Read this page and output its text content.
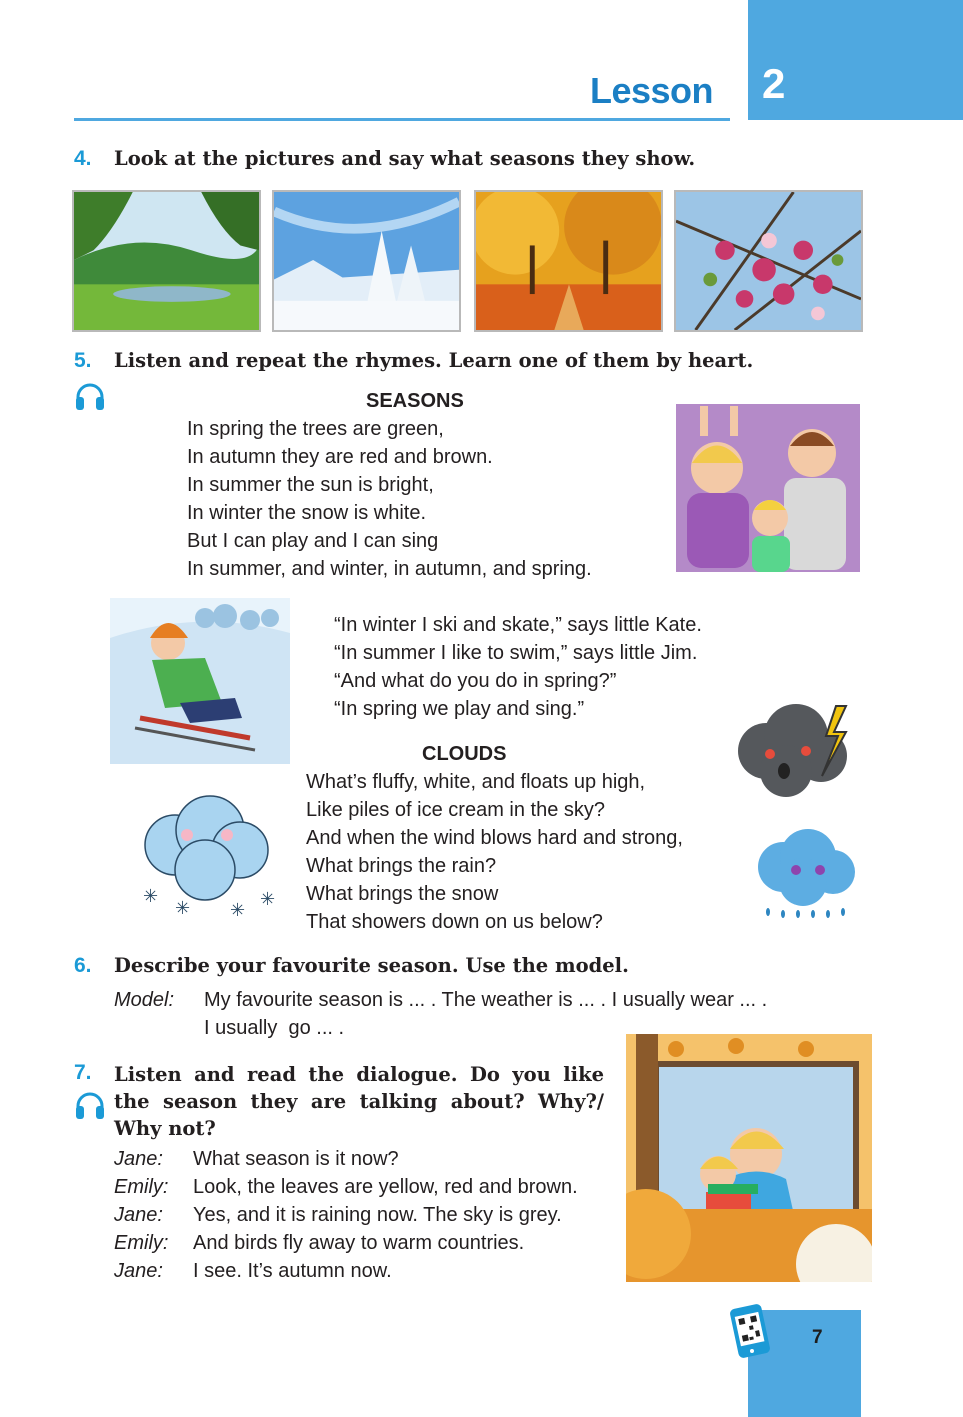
2
Lesson
4. Look at the pictures and say what seasons they show.
5. Listen and repeat the rhymes. Learn one of them by heart.
SEASONS
In spring the trees are green,
In autumn they are red and brown.
In summer the sun is bright,
In winter the snow is white.
But I can play and I can sing
In summer, and winter, in autumn, and spring.
“In winter I ski and skate,” says little Kate.
“In summer I like to swim,” says little Jim.
“And what do you do in spring?”
“In spring we play and sing.”
CLOUDS
What’s fluffy, white, and floats up high,
Like piles of ice cream in the sky?
And when the wind blows hard and strong,
What brings the rain?
What brings the snow
That showers down on us below?
✳
✳ ✳
✳
6. Describe your favourite season. Use the model.
Model: My favourite season is ... . The weather is ... . I usually wear ... .
I usually  go ... .
7. Listen and read the dialogue. Do you like
the season they are talking about? Why?/
Why not?
Jane: What season is it now?
Emily: Look, the leaves are yellow, red and brown.
Jane: Yes, and it is raining now. The sky is grey.
Emily: And birds fly away to warm countries.
Jane: I see. It’s autumn now.
7
